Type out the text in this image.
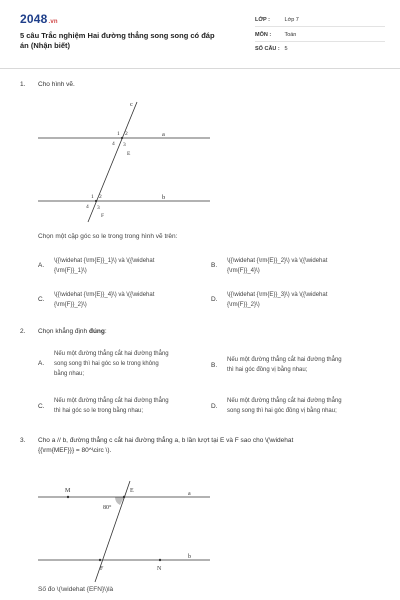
2048.vn
5 câu Trắc nghiệm Hai đường thẳng song song có đáp án (Nhận biết)
LỚP :	Lớp 7
MÔN : Toán
SỐ CÂU : 5
1. Cho hình vẽ.
c
a
b
1 2
4 3
E
1 2
4 3
F
Chọn một cặp góc so le trong trong hình vẽ trên:
A.
\({\widehat {\rm{E}}_1}\) và \({\widehat
{\rm{F}}_1}\)
B.
\({\widehat {\rm{E}}_2}\) và \({\widehat
{\rm{F}}_4}\)
C.
\({\widehat {\rm{E}}_4}\) và \({\widehat
{\rm{F}}_2}\)
D.
\({\widehat {\rm{E}}_3}\) và \({\widehat
{\rm{F}}_2}\)
2. Chọn khẳng định đúng:
A.
Nếu một đường thẳng cắt hai đường thẳng
song song thì hai góc so le trong không
bằng nhau;
B.
Nếu một đường thẳng cắt hai đường thẳng
thì hai góc đồng vị bằng nhau;
C.
Nếu một đường thẳng cắt hai đường thẳng
thì hai góc so le trong bằng nhau;
D.
Nếu một đường thẳng cắt hai đường thẳng
song song thì hai góc đồng vị bằng nhau;
3. Cho a // b, đường thẳng c cắt hai đường thẳng a, b lần lượt tại E và F sao cho \(\widehat
{{\rm{MEF}}} = 80^\circ \).
M	E	a
80°
b
F	N
Số đo \(\widehat {EFN}\)là
